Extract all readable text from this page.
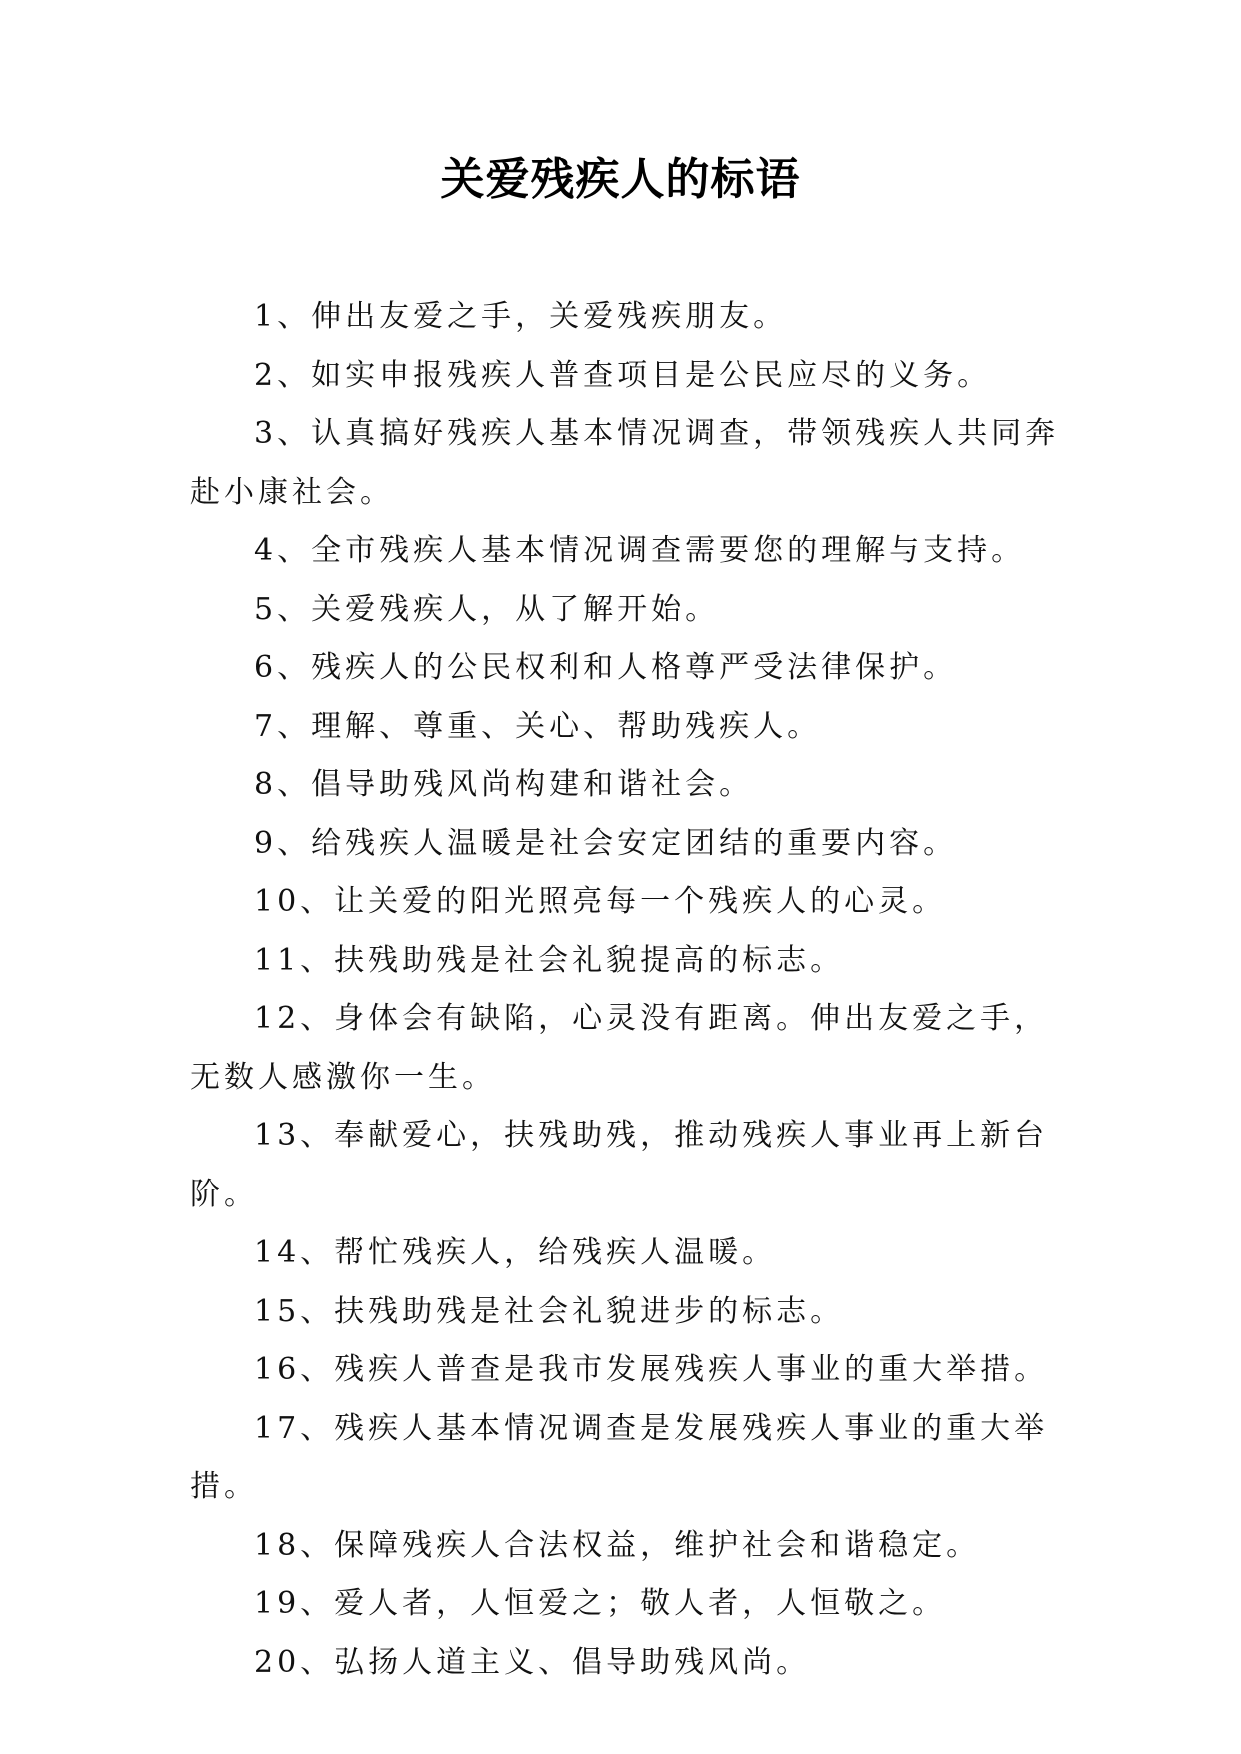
关爱残疾人的标语
1、伸出友爱之手，关爱残疾朋友。
2、如实申报残疾人普查项目是公民应尽的义务。
3、认真搞好残疾人基本情况调查，带领残疾人共同奔赴小康社会。
4、全市残疾人基本情况调查需要您的理解与支持。
5、关爱残疾人，从了解开始。
6、残疾人的公民权利和人格尊严受法律保护。
7、理解、尊重、关心、帮助残疾人。
8、倡导助残风尚构建和谐社会。
9、给残疾人温暖是社会安定团结的重要内容。
10、让关爱的阳光照亮每一个残疾人的心灵。
11、扶残助残是社会礼貌提高的标志。
12、身体会有缺陷，心灵没有距离。伸出友爱之手，无数人感激你一生。
13、奉献爱心，扶残助残，推动残疾人事业再上新台阶。
14、帮忙残疾人，给残疾人温暖。
15、扶残助残是社会礼貌进步的标志。
16、残疾人普查是我市发展残疾人事业的重大举措。
17、残疾人基本情况调查是发展残疾人事业的重大举措。
18、保障残疾人合法权益，维护社会和谐稳定。
19、爱人者，人恒爱之；敬人者，人恒敬之。
20、弘扬人道主义、倡导助残风尚。
